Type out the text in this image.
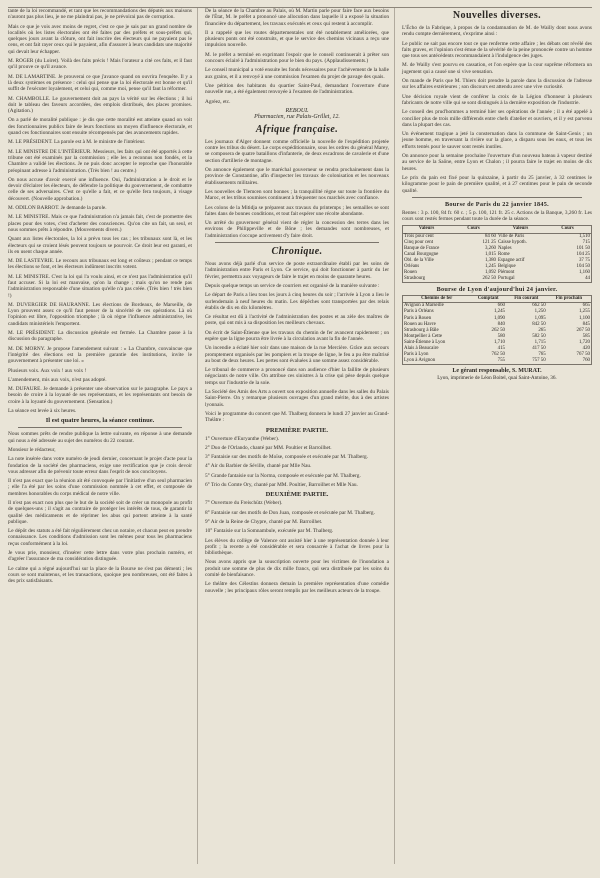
tante de la loi recommandé, et tant que les recommandations des députés aux maisons n'auront pas plus lieu, je ne me plaindrai pas, je ne prévoirai pas de corruption.

Mais ce que je vois avec moins de regret, c'est ce que je sais par un grand nombre de localités où les listes électorales ont été faites par des préfets et sous-préfets qui, quelques jours avant la clôture, ont fait inscrire des électeurs qui ne payaient pas le cens, et ont fait rayer ceux qui le payaient, afin d'assurer à leurs candidats une majorité qui devait leur échapper.

M. ROGER (du Loiret). Voilà des faits précis ! Mais l'orateur a cité ces faits, et il faut qu'il prouve ce qu'il avance.

M. DE LAMARTINE. Je prouverai ce que j'avance quand on ouvrira l'enquête. Il y a là deux systèmes en présence : celui qui pense que la loi électorale est bonne et qu'il suffit de l'exécuter loyalement, et celui qui, comme moi, pense qu'il faut la réformer.

M. CHAMBOLLE. Le gouvernement doit au pays la vérité sur les élections ; il lui doit le tableau des faveurs accordées, des emplois distribués, des places promises. (Agitation.)

On a parlé de moralité publique : je dis que cette moralité est atteinte quand on voit des fonctionnaires publics faire de leurs fonctions un moyen d'influence électorale, et quand ces fonctionnaires sont ensuite récompensés par des avancements rapides.

M. LE PRÉSIDENT. La parole est à M. le ministre de l'intérieur.

M. LE MINISTRE DE L'INTÉRIEUR. Messieurs, les faits qui ont été apportés à cette tribune ont été examinés par la commission ; elle les a reconnus non fondés, et la Chambre a validé les élections. Je ne puis donc accepter le reproche que l'honorable préopinant adresse à l'administration. (Très bien ! au centre.)

On nous accuse d'avoir exercé une influence. Oui, l'administration a le droit et le devoir d'éclairer les électeurs, de défendre la politique du gouvernement, de combattre celle de ses adversaires. C'est ce qu'elle a fait, et ce qu'elle fera toujours, à visage découvert. (Nouvelle approbation.)

M. ODILON BARROT. Je demande la parole.

M. LE MINISTRE. Mais ce que l'administration n'a jamais fait, c'est de promettre des places pour des votes, c'est d'acheter des consciences. Qu'on cite un fait, un seul, et nous sommes prêts à répondre. (Mouvements divers.)

Quant aux listes électorales, la loi a prévu tous les cas ; les tribunaux sont là, et les électeurs qui se croient lésés peuvent toujours se pourvoir. Ce droit leur est garanti, et ils en usent chaque année.

M. DE LASTEYRIE. Le recours aux tribunaux est long et coûteux ; pendant ce temps les élections se font, et les électeurs indûment inscrits votent.

M. LE MINISTRE. C'est la loi qui l'a voulu ainsi, et ce n'est pas l'administration qu'il faut accuser. Si la loi est mauvaise, qu'on la change ; mais qu'on ne rende pas l'administration responsable d'une situation qu'elle n'a pas créée. (Très bien ! très bien !)

M. DUVERGIER DE HAURANNE. Les élections de Bordeaux, de Marseille, de Lyon prouvent assez ce qu'il faut penser de la sincérité de ces opérations. Là où l'opinion est libre, l'opposition triomphe ; là où règne l'influence administrative, les candidats ministériels l'emportent.

M. LE PRÉSIDENT. La discussion générale est fermée. La Chambre passe à la discussion du paragraphe.

M. DE MORNY. Je propose l'amendement suivant : « La Chambre, convaincue que l'intégrité des élections est la première garantie des institutions, invite le gouvernement à présenter une loi. »

Plusieurs voix. Aux voix ! aux voix !

L'amendement, mis aux voix, n'est pas adopté.

M. DUFAURE. Je demande à présenter une observation sur le paragraphe. Le pays a besoin de croire à la loyauté de ses représentants, et les représentants ont besoin de croire à la loyauté du gouvernement. (Sensation.)

La séance est levée à six heures.

Il est quatre heures, la séance continue.

Nous sommes prêts de rendre publique la lettre suivante, en réponse à une demande qui nous a été adressée au sujet des numéros du 22 courant.

Monsieur le rédacteur,

La note insérée dans votre numéro de jeudi dernier, concernant le projet d'acte pour la fondation de la société des pharmaciens, exige une rectification que je crois devoir vous adresser afin de prévenir toute erreur dans l'esprit de nos concitoyens.

Il n'est pas exact que la réunion ait été convoquée par l'initiative d'un seul pharmacien ; elle l'a été par les soins d'une commission nommée à cet effet, et composée de membres honorables du corps médical de notre ville.

Il n'est pas exact non plus que le but de la société soit de créer un monopole au profit de quelques-uns ; il s'agit au contraire de protéger les intérêts de tous, de garantir la qualité des médicaments et de réprimer les abus qui portent atteinte à la santé publique.

Le dépôt des statuts a été fait régulièrement chez un notaire, et chacun peut en prendre connaissance. Les conditions d'admission sont les mêmes pour tous les pharmaciens reçus conformément à la loi.

Je vous prie, monsieur, d'insérer cette lettre dans votre plus prochain numéro, et d'agréer l'assurance de ma considération distinguée.

Le calme qui a régné aujourd'hui sur la place de la Bourse ne s'est pas démenti ; les cours se sont maintenus, et les transactions, quoique peu nombreuses, ont été faites à des prix satisfaisants.

De la séance de la Chambre au Palais, où M. Martin parle pour faire face aux besoins de l'État, M. le préfet a prononcé une allocution dans laquelle il a exposé la situation financière du département, les travaux exécutés et ceux qui restent à accomplir.

Il a rappelé que les routes départementales ont été notablement améliorées, que plusieurs ponts ont été construits, et que le service des chemins vicinaux a reçu une impulsion nouvelle.

M. le préfet a terminé en exprimant l'espoir que le conseil continuerait à prêter son concours éclairé à l'administration pour le bien du pays. (Applaudissements.)

Le conseil municipal a voté ensuite les fonds nécessaires pour l'achèvement de la halle aux grains, et il a renvoyé à une commission l'examen du projet de pavage des quais.

Une pétition des habitants du quartier Saint-Paul, demandant l'ouverture d'une nouvelle rue, a été également renvoyée à l'examen de l'administration.

Agréez, etc.

REBOUL
Pharmacien, rue Palais-Grillet, 12.
Afrique française.

Les journaux d'Alger donnent comme officielle la nouvelle de l'expédition projetée contre les tribus du désert. Le corps expéditionnaire, sous les ordres du général Marey, se composera de quatre bataillons d'infanterie, de deux escadrons de cavalerie et d'une section d'artillerie de montagne.

On annonce également que le maréchal gouverneur se rendra prochainement dans la province de Constantine, afin d'inspecter les travaux de colonisation et les nouveaux établissements militaires.

Les nouvelles de Tlemcen sont bonnes ; la tranquillité règne sur toute la frontière du Maroc, et les tribus soumises continuent à fréquenter nos marchés avec confiance.

Les colons de la Mitidja se préparent aux travaux du printemps ; les semailles se sont faites dans de bonnes conditions, et tout fait espérer une récolte abondante.

Un arrêté du gouverneur général vient de régler la concession des terres dans les environs de Philippeville et de Bône ; les demandes sont nombreuses, et l'administration s'occupe activement d'y faire droit.

Chronique.

Nous avons déjà parlé d'un service de poste extraordinaire établi par les soins de l'administration entre Paris et Lyon. Ce service, qui doit fonctionner à partir du 1er février, permettra aux voyageurs de faire le trajet en moins de quarante heures.

Depuis quelque temps un service de courriers est organisé de la manière suivante :

Le départ de Paris a lieu tous les jours à cinq heures du soir ; l'arrivée à Lyon a lieu le surlendemain à neuf heures du matin. Les dépêches sont transportées par des relais établis de dix en dix kilomètres.

Ce résultat est dû à l'activité de l'administration des postes et au zèle des maîtres de poste, qui ont mis à sa disposition les meilleurs chevaux.

On écrit de Saint-Étienne que les travaux du chemin de fer avancent rapidement ; on espère que la ligne pourra être livrée à la circulation avant la fin de l'année.

Un incendie a éclaté hier soir dans une maison de la rue Mercière. Grâce aux secours promptement organisés par les pompiers et la troupe de ligne, le feu a pu être maîtrisé au bout de deux heures. Les pertes sont évaluées à une somme assez considérable.

Le tribunal de commerce a prononcé dans son audience d'hier la faillite de plusieurs négociants de notre ville. On attribue ces sinistres à la crise qui pèse depuis quelque temps sur l'industrie de la soie.

La Société des Amis des Arts a ouvert son exposition annuelle dans les salles du Palais Saint-Pierre. On y remarque plusieurs ouvrages d'un grand mérite, dus à des artistes lyonnais.

Voici le programme du concert que M. Thalberg donnera le lundi 27 janvier au Grand-Théâtre :

PREMIÈRE PARTIE.

1° Ouverture d'Euryanthe (Weber).

2° Duo de l'Orlando, chanté par MM. Poultier et Barroilhet.

3° Fantaisie sur des motifs de Moïse, composée et exécutée par M. Thalberg.

4° Air du Barbier de Séville, chanté par Mlle Nau.

5° Grande fantaisie sur la Norma, composée et exécutée par M. Thalberg.

6° Trio du Comte Ory, chanté par MM. Poultier, Barroilhet et Mlle Nau.

DEUXIÈME PARTIE.

7° Ouverture du Freischütz (Weber).

8° Fantaisie sur des motifs de Don Juan, composée et exécutée par M. Thalberg.

9° Air de la Reine de Chypre, chanté par M. Barroilhet.

10° Fantaisie sur la Somnambule, exécutée par M. Thalberg.

Les élèves du collège de Valence ont assisté hier à une représentation donnée à leur profit ; la recette a été considérable et sera consacrée à l'achat de livres pour la bibliothèque.

Nous avons appris que la souscription ouverte pour les victimes de l'inondation a produit une somme de plus de dix mille francs, qui sera distribuée par les soins du comité de bienfaisance.

Le théâtre des Célestins donnera demain la première représentation d'une comédie nouvelle ; les principaux rôles seront remplis par les meilleurs acteurs de la troupe.

Nouvelles diverses.

L'Écho de la Fabrique, à propos de la condamnation de M. de Wailly dont nous avons rendu compte dernièrement, s'exprime ainsi :

Le public ne sait pas encore tout ce que renferme cette affaire ; les débats ont révélé des faits graves, et l'opinion s'est émue de la sévérité de la peine prononcée contre un homme que tous ses antécédents recommandaient à l'indulgence des juges.

M. de Wailly s'est pourvu en cassation, et l'on espère que la cour suprême réformera un jugement qui a causé une si vive sensation.

On mande de Paris que M. Thiers doit prendre la parole dans la discussion de l'adresse sur les affaires extérieures ; son discours est attendu avec une vive curiosité.

Une décision royale vient de conférer la croix de la Légion d'honneur à plusieurs fabricants de notre ville qui se sont distingués à la dernière exposition de l'industrie.

Le conseil des prud'hommes a terminé hier ses opérations de l'année ; il a été appelé à concilier plus de trois mille différends entre chefs d'atelier et ouvriers, et il y est parvenu dans la plupart des cas.

Un événement tragique a jeté la consternation dans la commune de Saint-Genis ; un jeune homme, en traversant la rivière sur la glace, a disparu sous les eaux, et tous les efforts tentés pour le sauver sont restés inutiles.

On annonce pour la semaine prochaine l'ouverture d'un nouveau bateau à vapeur destiné au service de la Saône, entre Lyon et Chalon ; il pourra faire le trajet en moins de dix heures.

Le prix du pain est fixé pour la quinzaine, à partir du 25 janvier, à 32 centimes le kilogramme pour le pain de première qualité, et à 27 centimes pour le pain de seconde qualité.

Bourse de Paris du 22 janvier 1845.

Rentes : 3 p. 100, 84 fr. 60 c. ; 5 p. 100, 121 fr. 25 c. Actions de la Banque, 3,260 fr. Les cours sont restés fermes pendant toute la durée de la séance.

Valeurs	Cours	Valeurs	Cours
Trois pour cent	84 60	Ville de Paris	1,510
Cinq pour cent	121 25	Caisse hypoth.	715
Banque de France	3,260	Naples	101 50
Canal Bourgogne	1,015	Rome	104 25
Obl. de la Ville	1,380	Espagne actif	37 75
Orléans	1,245	Belgique	104 50
Rouen	1,092	Piémont	1,160
Strasbourg	262 50	Portugal	44
Bourse de Lyon d'aujourd'hui 24 janvier.
Chemins de fer	Comptant	Fin courant	Fin prochain
Avignon à Marseille	660	662 50	665
Paris à Orléans	1,245	1,250	1,255
Paris à Rouen	1,090	1,095	1,100
Rouen au Havre	840	842 50	845
Strasbourg à Bâle	262 50	265	267 50
Montpellier à Cette	580	582 50	585
Saint-Étienne à Lyon	1,710	1,715	1,720
Alais à Beaucaire	415	417 50	420
Paris à Lyon	762 50	765	767 50
Lyon à Avignon	755	757 50	760
Le gérant responsable, S. MURAT.
Lyon, imprimerie de Léon Boitel, quai Saint-Antoine, 36.
